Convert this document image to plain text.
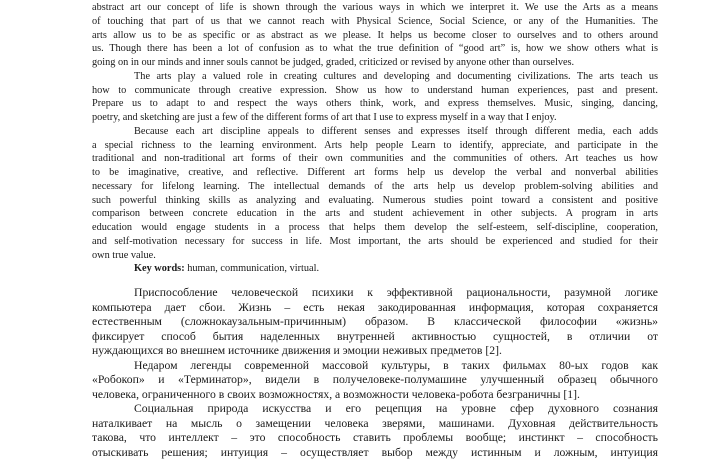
abstract art our concept of life is shown through the various ways in which we interpret it. We use the Arts as a means
of touching that part of us that we cannot reach with Physical Science, Social Science, or any of the Humanities. The
arts allow us to be as specific or as abstract as we please. It helps us become closer to ourselves and to others around
us. Though there has been a lot of confusion as to what the true definition of “good art” is, how we show others what is
going on in our minds and inner souls cannot be judged, graded, criticized or revised by anyone other than ourselves.
The arts play a valued role in creating cultures and developing and documenting civilizations. The arts teach us
how to communicate through creative expression. Show us how to understand human experiences, past and present.
Prepare us to adapt to and respect the ways others think, work, and express themselves. Music, singing, dancing,
poetry, and sketching are just a few of the different forms of art that I use to express myself in a way that I enjoy.
Because each art discipline appeals to different senses and expresses itself through different media, each adds
a special richness to the learning environment. Arts help people Learn to identify, appreciate, and participate in the
traditional and non-traditional art forms of their own communities and the communities of others. Art teaches us how
to be imaginative, creative, and reflective. Different art forms help us develop the verbal and nonverbal abilities
necessary for lifelong learning. The intellectual demands of the arts help us develop problem-solving abilities and
such powerful thinking skills as analyzing and evaluating. Numerous studies point toward a consistent and positive
comparison between concrete education in the arts and student achievement in other subjects. A program in arts
education would engage students in a process that helps them develop the self-esteem, self-discipline, cooperation,
and self-motivation necessary for success in life. Most important, the arts should be experienced and studied for their
own true value.
Key words: human, communication, virtual.
Приспособление человеческой психики к эффективной рациональности, разумной логике
компьютера дает сбои. Жизнь – есть некая закодированная информация, которая сохраняется
естественным (сложнокаузальным-причинным) образом. В классической философии «жизнь»
фиксирует способ бытия наделенных внутренней активностью сущностей, в отличии от
нуждающихся во внешнем источнике движения и эмоции неживых предметов [2].
Недаром легенды современной массовой культуры, в таких фильмах 80-ых годов как
«Робокоп» и «Терминатор», видели в получеловеке-полумашине улучшенный образец обычного
человека, ограниченного в своих возможностях, а возможности человека-робота безграничны [1].
Социальная природа искусства и его рецепция на уровне сфер духовного сознания
наталкивает на мысль о замещении человека зверями, машинами. Духовная действительность
такова, что интеллект – это способность ставить проблемы вообще; инстинкт – способность
отыскивать решения; интуиция – осуществляет выбор между истинным и ложным, интуиция
